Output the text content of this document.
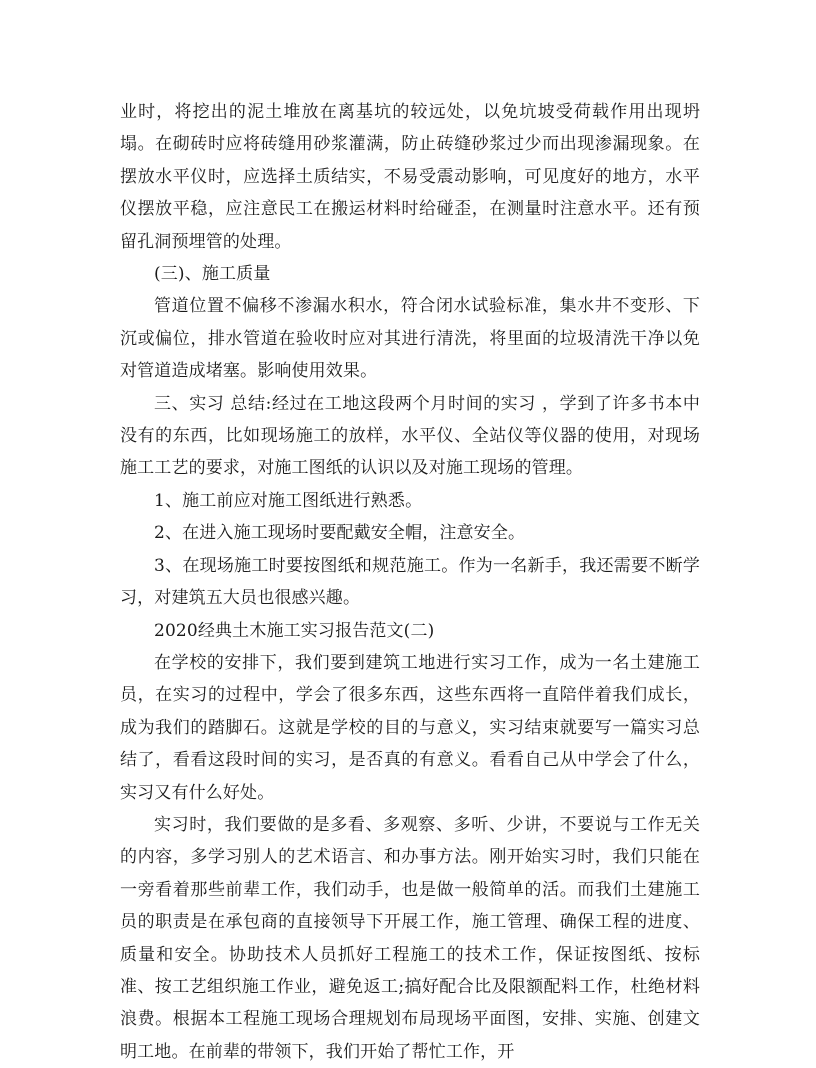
业时，将挖出的泥土堆放在离基坑的较远处，以免坑坡受荷载作用出现坍塌。在砌砖时应将砖缝用砂浆灌满，防止砖缝砂浆过少而出现渗漏现象。在摆放水平仪时，应选择土质结实，不易受震动影响，可见度好的地方，水平仪摆放平稳，应注意民工在搬运材料时给碰歪，在测量时注意水平。还有预留孔洞预埋管的处理。

(三)、施工质量

管道位置不偏移不渗漏水积水，符合闭水试验标准，集水井不变形、下沉或偏位，排水管道在验收时应对其进行清洗，将里面的垃圾清洗干净以免对管道造成堵塞。影响使用效果。

三、实习 总结:经过在工地这段两个月时间的实习 ，学到了许多书本中没有的东西，比如现场施工的放样，水平仪、全站仪等仪器的使用，对现场施工工艺的要求，对施工图纸的认识以及对施工现场的管理。

1、施工前应对施工图纸进行熟悉。

2、在进入施工现场时要配戴安全帽，注意安全。

3、在现场施工时要按图纸和规范施工。作为一名新手，我还需要不断学习，对建筑五大员也很感兴趣。

2020经典土木施工实习报告范文(二)

在学校的安排下，我们要到建筑工地进行实习工作，成为一名土建施工员，在实习的过程中，学会了很多东西，这些东西将一直陪伴着我们成长，成为我们的踏脚石。这就是学校的目的与意义，实习结束就要写一篇实习总结了，看看这段时间的实习，是否真的有意义。看看自己从中学会了什么，实习又有什么好处。

实习时，我们要做的是多看、多观察、多听、少讲，不要说与工作无关的内容，多学习别人的艺术语言、和办事方法。刚开始实习时，我们只能在一旁看着那些前辈工作，我们动手，也是做一般简单的活。而我们土建施工员的职责是在承包商的直接领导下开展工作，施工管理、确保工程的进度、质量和安全。协助技术人员抓好工程施工的技术工作，保证按图纸、按标准、按工艺组织施工作业，避免返工;搞好配合比及限额配料工作，杜绝材料浪费。根据本工程施工现场合理规划布局现场平面图，安排、实施、创建文明工地。在前辈的带领下，我们开始了帮忙工作，开
